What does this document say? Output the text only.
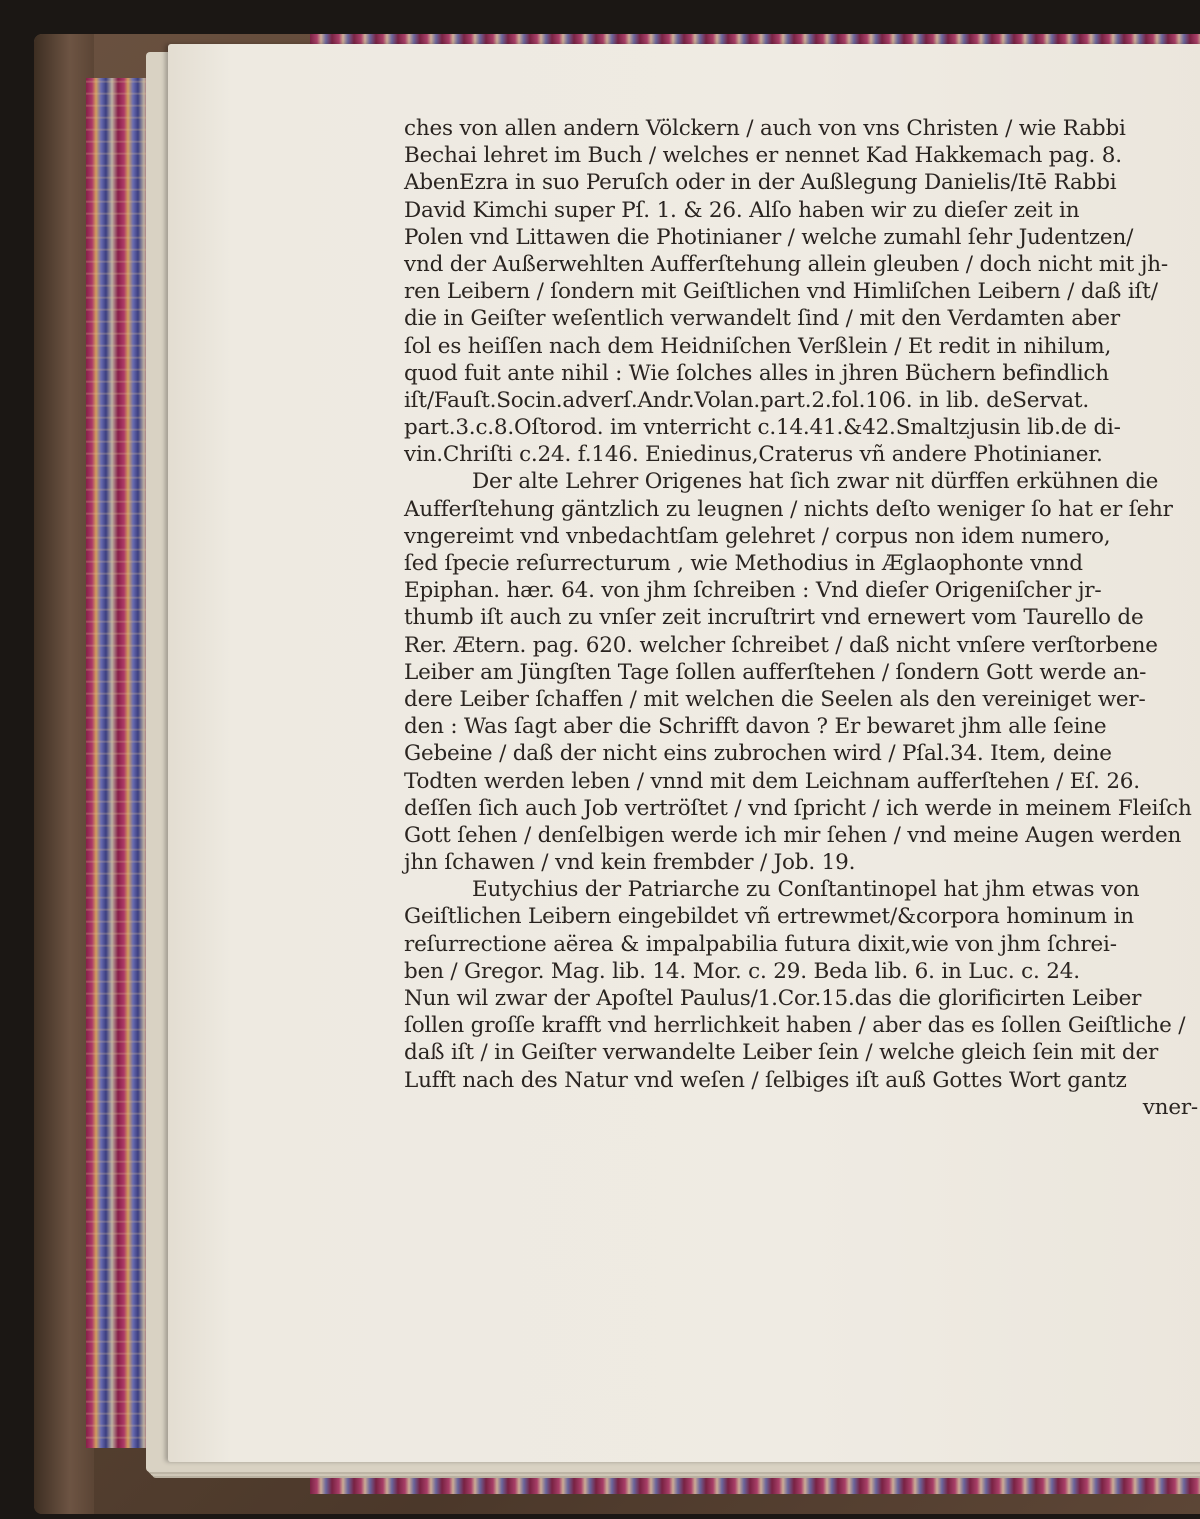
ches von allen andern Völckern / auch von vns Christen / wie Rabbi
Bechai lehret im Buch / welches er nennet Kad Hakkemach pag. 8.
AbenEzra in suo Peruſch oder in der Außlegung Danielis/Itē Rabbi
David Kimchi super Pſ. 1. & 26. Alſo haben wir zu dieſer zeit in
Polen vnd Littawen die Photinianer / welche zumahl ſehr Judentzen/
vnd der Außerwehlten Aufferſtehung allein gleuben / doch nicht mit jh-
ren Leibern / ſondern mit Geiſtlichen vnd Himliſchen Leibern / daß iſt/
die in Geiſter weſentlich verwandelt ſind / mit den Verdamten aber
ſol es heiſſen nach dem Heidniſchen Verßlein / Et redit in nihilum,
quod fuit ante nihil : Wie ſolches alles in jhren Büchern befindlich
iſt/Fauſt.Socin.adverſ.Andr.Volan.part.2.fol.106. in lib. deServat.
part.3.c.8.Oſtorod. im vnterricht c.14.41.&42.Smaltzjusin lib.de di-
vin.Chriſti c.24. f.146. Eniedinus,Craterus vñ andere Photinianer.
Der alte Lehrer Origenes hat ſich zwar nit dürffen erkühnen die
Aufferſtehung gäntzlich zu leugnen / nichts deſto weniger ſo hat er ſehr
vngereimt vnd vnbedachtſam gelehret / corpus non idem numero,
ſed ſpecie reſurrecturum , wie Methodius in Æglaophonte vnnd
Epiphan. hær. 64. von jhm ſchreiben : Vnd dieſer Origeniſcher jr-
thumb iſt auch zu vnſer zeit incruſtrirt vnd ernewert vom Taurello de
Rer. Ætern. pag. 620. welcher ſchreibet / daß nicht vnſere verſtorbene
Leiber am Jüngſten Tage ſollen aufferſtehen / ſondern Gott werde an-
dere Leiber ſchaffen / mit welchen die Seelen als den vereiniget wer-
den : Was ſagt aber die Schrifft davon ? Er bewaret jhm alle ſeine
Gebeine / daß der nicht eins zubrochen wird / Pſal.34. Item, deine
Todten werden leben / vnnd mit dem Leichnam aufferſtehen / Eſ. 26.
deſſen ſich auch Job vertröſtet / vnd ſpricht / ich werde in meinem Fleiſch
Gott ſehen / denſelbigen werde ich mir ſehen / vnd meine Augen werden
jhn ſchawen / vnd kein frembder / Job. 19.
Eutychius der Patriarche zu Conſtantinopel hat jhm etwas von
Geiſtlichen Leibern eingebildet vñ ertrewmet/&corpora hominum in
reſurrectione aërea & impalpabilia futura dixit,wie von jhm ſchrei-
ben / Gregor. Mag. lib. 14. Mor. c. 29. Beda lib. 6. in Luc. c. 24.
Nun wil zwar der Apoſtel Paulus/1.Cor.15.das die glorificirten Leiber
ſollen groſſe krafft vnd herrlichkeit haben / aber das es ſollen Geiſtliche /
daß iſt / in Geiſter verwandelte Leiber ſein / welche gleich ſein mit der
Lufft nach des Natur vnd weſen / ſelbiges iſt auß Gottes Wort gantz
vner-
